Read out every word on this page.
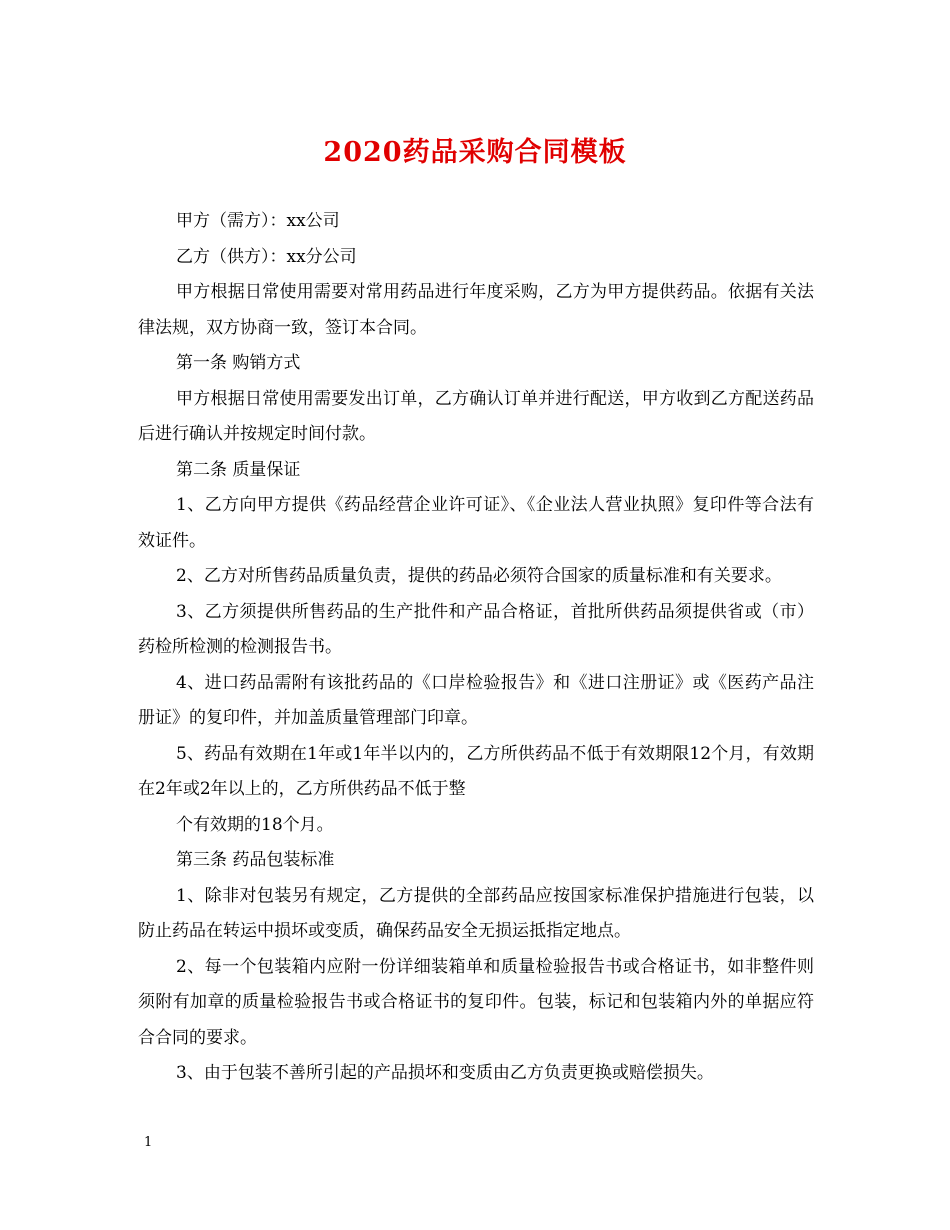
2020药品采购合同模板

甲方（需方）：xx公司

乙方（供方）：xx分公司

甲方根据日常使用需要对常用药品进行年度采购，乙方为甲方提供药品。依据有关法律法规，双方协商一致，签订本合同。

第一条 购销方式

甲方根据日常使用需要发出订单，乙方确认订单并进行配送，甲方收到乙方配送药品后进行确认并按规定时间付款。

第二条 质量保证

1、乙方向甲方提供《药品经营企业许可证》、《企业法人营业执照》复印件等合法有效证件。

2、乙方对所售药品质量负责，提供的药品必须符合国家的质量标准和有关要求。

3、乙方须提供所售药品的生产批件和产品合格证，首批所供药品须提供省或（市）药检所检测的检测报告书。

4、进口药品需附有该批药品的《口岸检验报告》和《进口注册证》或《医药产品注册证》的复印件，并加盖质量管理部门印章。

5、药品有效期在1年或1年半以内的，乙方所供药品不低于有效期限12个月，有效期在2年或2年以上的，乙方所供药品不低于整

个有效期的18个月。

第三条 药品包装标准

1、除非对包装另有规定，乙方提供的全部药品应按国家标准保护措施进行包装，以防止药品在转运中损坏或变质，确保药品安全无损运抵指定地点。

2、每一个包装箱内应附一份详细装箱单和质量检验报告书或合格证书，如非整件则须附有加章的质量检验报告书或合格证书的复印件。包装，标记和包装箱内外的单据应符合合同的要求。

3、由于包装不善所引起的产品损坏和变质由乙方负责更换或赔偿损失。

1
